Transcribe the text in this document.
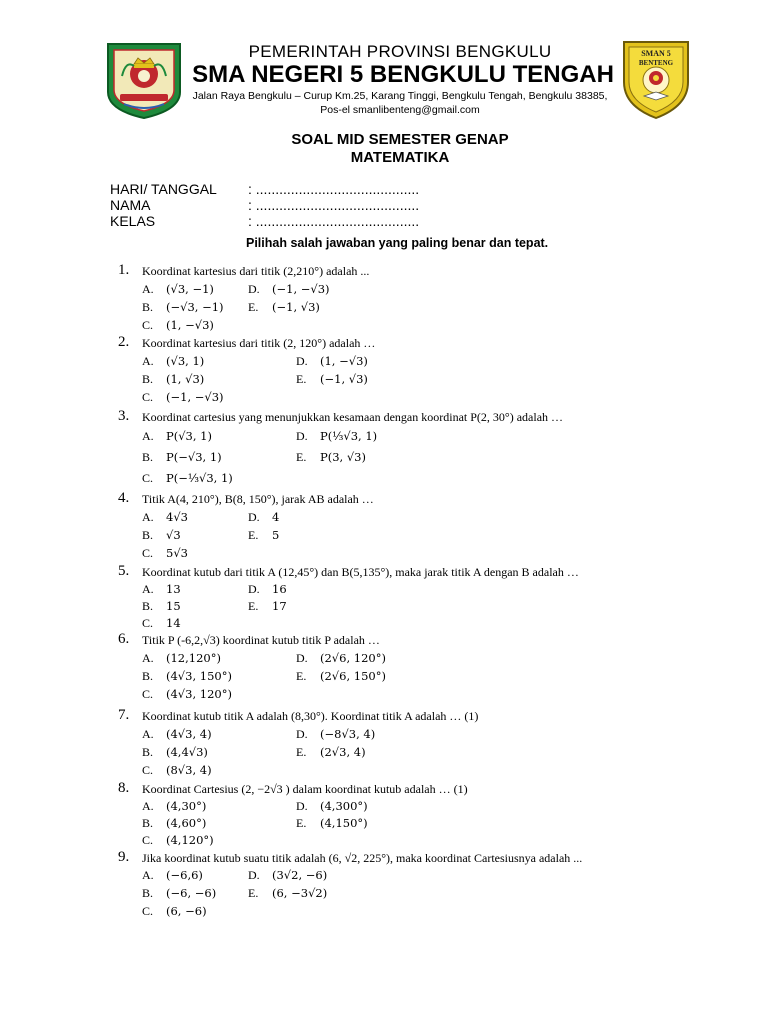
PEMERINTAH PROVINSI BENGKULU
SMA NEGERI 5 BENGKULU TENGAH
Jalan Raya Bengkulu – Curup Km.25, Karang Tinggi, Bengkulu Tengah, Bengkulu 38385,
Pos-el smanlibenteng@gmail.com
SMAN 5
BENTENG
SOAL MID SEMESTER GENAP
MATEMATIKA
HARI/ TANGGAL : ..........................................
NAMA	: ..........................................
KELAS	: ..........................................
Pilihah salah jawaban yang paling benar dan tepat.
1. Koordinat kartesius dari titik (2,210°) adalah ...
A. (√3, −1)	D. (−1, −√3)
B. (−√3, −1) E. (−1, √3)
C. (1, −√3)
2. Koordinat kartesius dari titik (2, 120°) adalah …
A. (√3, 1)	D. (1, −√3)
B. (1, √3)	E. (−1, √3)
C. (−1, −√3)
3. Koordinat cartesius yang menunjukkan kesamaan dengan koordinat P(2, 30°) adalah …
A. P(√3, 1)	D. P(⅓√3, 1)
B. P(−√3, 1)	E. P(3, √3)
C. P(−⅓√3, 1)
4. Titik A(4, 210°), B(8, 150°), jarak AB adalah …
A. 4√3	D. 4
B. √3	E. 5
C. 5√3
5. Koordinat kutub dari titik A (12,45°) dan B(5,135°), maka jarak titik A dengan B adalah …
A. 13	D. 16
B. 15	E. 17
C. 14
6. Titik P (-6,2,√3) koordinat kutub titik P adalah …
A. (12,120°)	D. (2√6, 120°)
B. (4√3, 150°)	E. (2√6, 150°)
C. (4√3, 120°)
7. Koordinat kutub titik A adalah (8,30°). Koordinat titik A adalah … (1)
A. (4√3, 4)	D. (−8√3, 4)
B. (4,4√3)	E. (2√3, 4)
C. (8√3, 4)
8. Koordinat Cartesius (2, −2√3 ) dalam koordinat kutub adalah … (1)
A. (4,30°)	D. (4,300°)
B. (4,60°)	E. (4,150°)
C. (4,120°)
9. Jika koordinat kutub suatu titik adalah (6, √2, 225°), maka koordinat Cartesiusnya adalah ...
A. (−6,6)	D. (3√2, −6)
B. (−6, −6)	E. (6, −3√2)
C. (6, −6)
